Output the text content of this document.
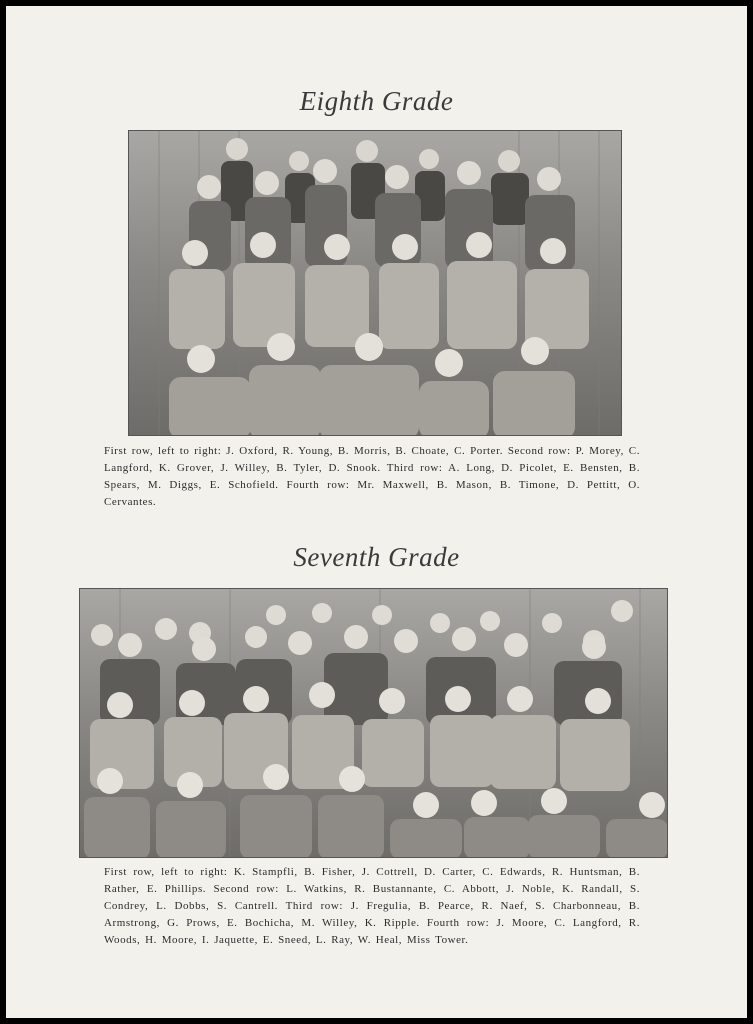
Eighth Grade
First row, left to right: J. Oxford, R. Young, B. Morris, B. Choate, C. Porter. Second row: P. Morey, C. Langford, K. Grover, J. Willey, B. Tyler, D. Snook. Third row: A. Long, D. Picolet, E. Bensten, B. Spears, M. Diggs, E. Schofield. Fourth row: Mr. Maxwell, B. Mason, B. Timone, D. Pettitt, O. Cervantes.
Seventh Grade
First row, left to right: K. Stampfli, B. Fisher, J. Cottrell, D. Carter, C. Edwards, R. Huntsman, B. Rather, E. Phillips. Second row: L. Watkins, R. Bustannante, C. Abbott, J. Noble, K. Randall, S. Condrey, L. Dobbs, S. Cantrell. Third row: J. Fregulia, B. Pearce, R. Naef, S. Charbonneau, B. Armstrong, G. Prows, E. Bochicha, M. Willey, K. Ripple. Fourth row: J. Moore, C. Langford, R. Woods, H. Moore, I. Jaquette, E. Sneed, L. Ray, W. Heal, Miss Tower.
